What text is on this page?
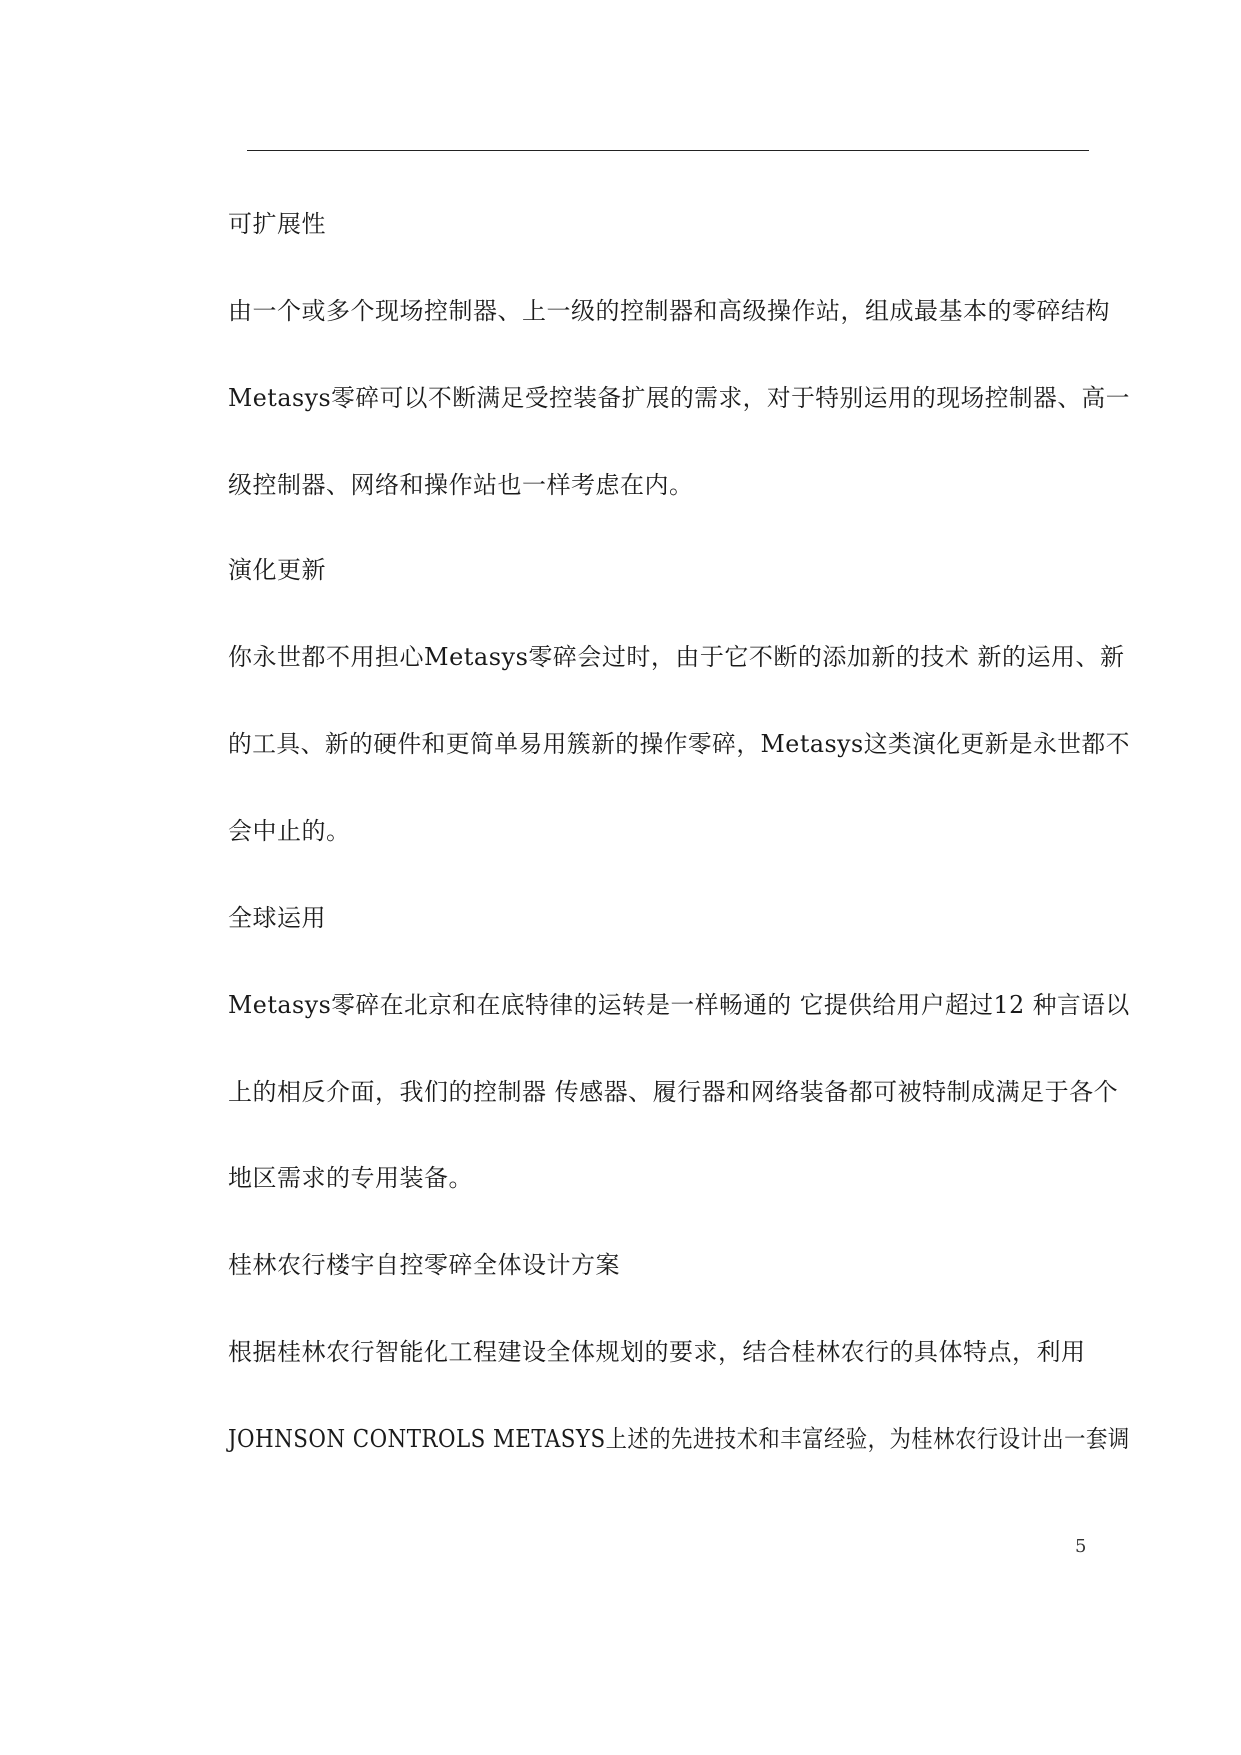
可扩展性
由一个或多个现场控制器、上一级的控制器和高级操作站，组成最基本的零碎结构
Metasys零碎可以不断满足受控装备扩展的需求，对于特别运用的现场控制器、高一
级控制器、网络和操作站也一样考虑在内。
演化更新
你永世都不用担心Metasys零碎会过时，由于它不断的添加新的技术 新的运用、新
的工具、新的硬件和更简单易用簇新的操作零碎，Metasys这类演化更新是永世都不
会中止的。
全球运用
Metasys零碎在北京和在底特律的运转是一样畅通的 它提供给用户超过12 种言语以
上的相反介面，我们的控制器 传感器、履行器和网络装备都可被特制成满足于各个
地区需求的专用装备。
桂林农行楼宇自控零碎全体设计方案
根据桂林农行智能化工程建设全体规划的要求，结合桂林农行的具体特点，利用
JOHNSON CONTROLS METASYS上述的先进技术和丰富经验，为桂林农行设计出一套调
5
